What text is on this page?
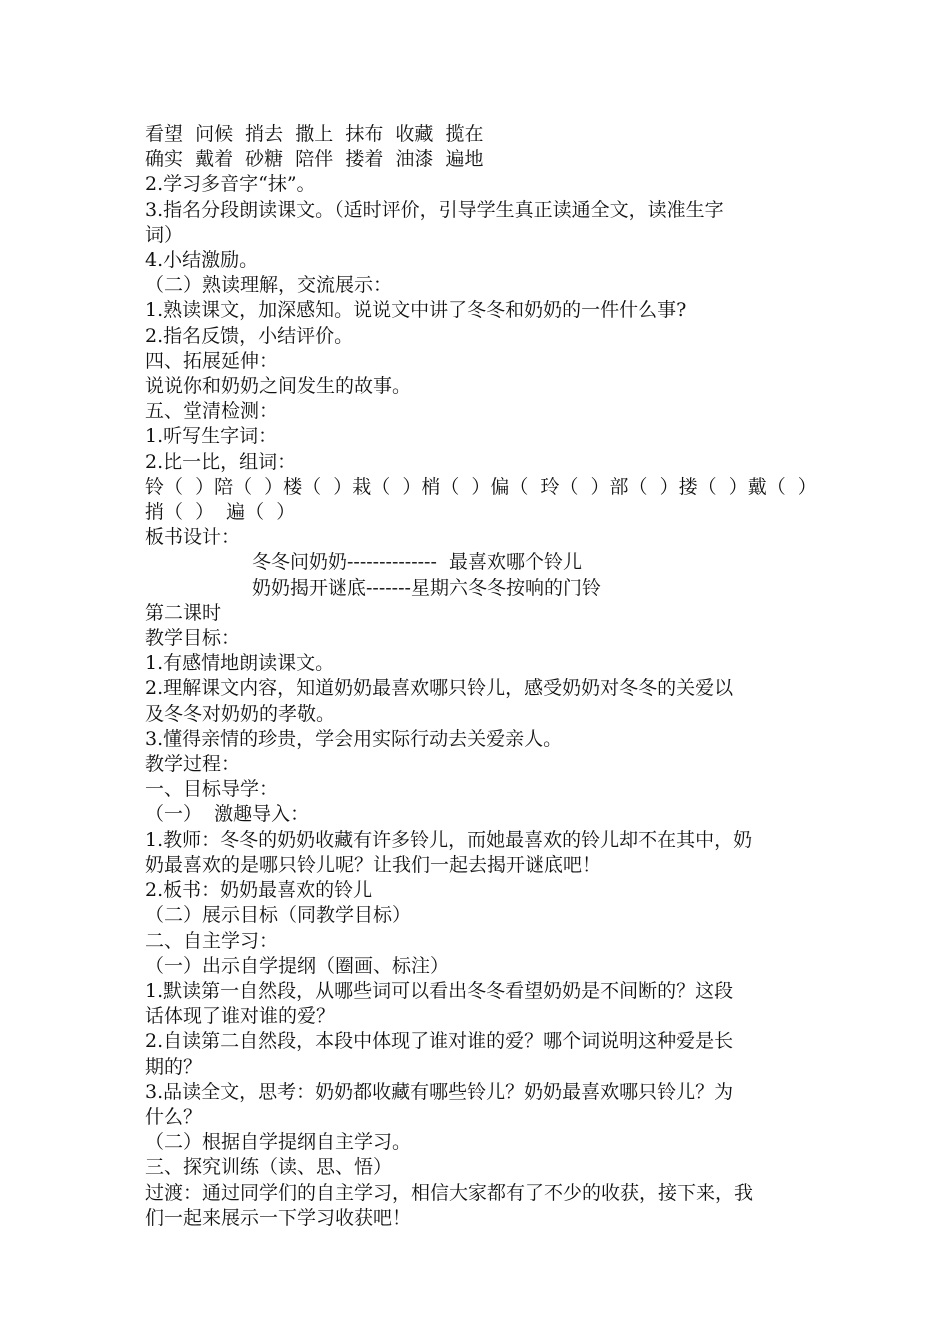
看望  问候  捎去  撒上  抹布  收藏  揽在
确实  戴着  砂糖  陪伴  搂着  油漆  遍地
2.学习多音字“抹”。
3.指名分段朗读课文。（适时评价，引导学生真正读通全文，读准生字
词）
4.小结激励。
（二）熟读理解，交流展示：
1.熟读课文，加深感知。说说文中讲了冬冬和奶奶的一件什么事?
2.指名反馈，小结评价。
四、拓展延伸：
说说你和奶奶之间发生的故事。
五、堂清检测：
1.听写生字词：
2.比一比，组词：
铃（  ）陪（  ）楼（  ）栽（  ）梢（  ）偏（  玲（  ）部（  ）搂（  ）戴（  ）
捎（  ）  遍（  ）
板书设计：
冬冬问奶奶--------------  最喜欢哪个铃儿
奶奶揭开谜底-------星期六冬冬按响的门铃
第二课时
教学目标：
1.有感情地朗读课文。
2.理解课文内容，知道奶奶最喜欢哪只铃儿，感受奶奶对冬冬的关爱以
及冬冬对奶奶的孝敬。
3.懂得亲情的珍贵，学会用实际行动去关爱亲人。
教学过程：
一、目标导学：
（一）  激趣导入：
1.教师：冬冬的奶奶收藏有许多铃儿，而她最喜欢的铃儿却不在其中，奶
奶最喜欢的是哪只铃儿呢？让我们一起去揭开谜底吧！
2.板书：奶奶最喜欢的铃儿
（二）展示目标（同教学目标）
二、自主学习：
（一）出示自学提纲（圈画、标注）
1.默读第一自然段，从哪些词可以看出冬冬看望奶奶是不间断的？这段
话体现了谁对谁的爱？
2.自读第二自然段，本段中体现了谁对谁的爱？哪个词说明这种爱是长
期的？
3.品读全文，思考：奶奶都收藏有哪些铃儿？奶奶最喜欢哪只铃儿？为
什么？
（二）根据自学提纲自主学习。
三、探究训练（读、思、悟）
过渡：通过同学们的自主学习，相信大家都有了不少的收获，接下来，我
们一起来展示一下学习收获吧！
